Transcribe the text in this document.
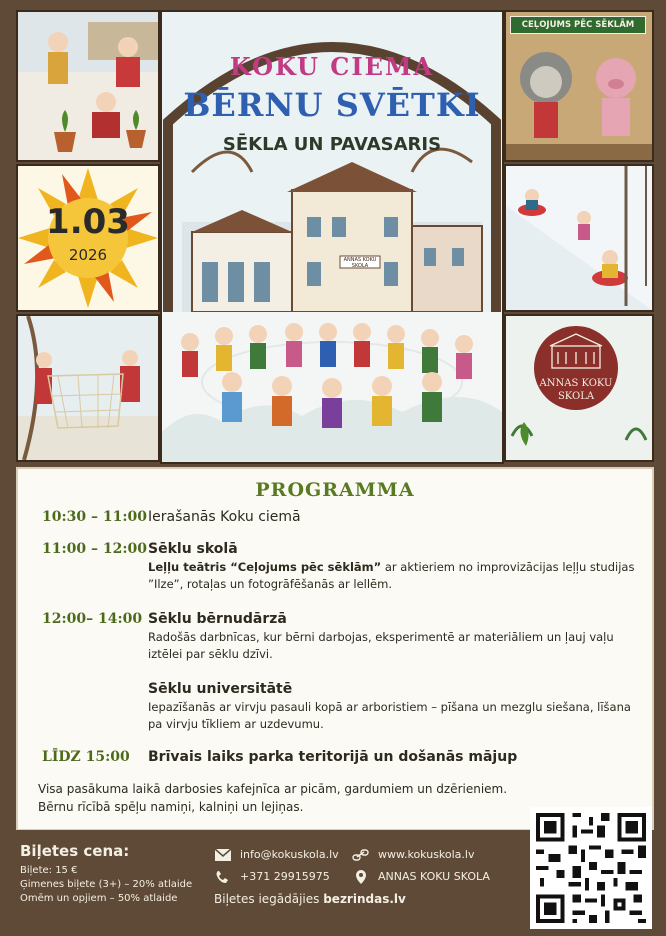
1.03
2026
KOKU CIEMA
BĒRNU SVĒTKI
SĒKLA UN PAVASARIS
ANNAS KOKU SKOLA
CEĻOJUMS PĒC SĒKLĀM
ANNAS KOKU
SKOLA
PROGRAMMA
10:30 – 11:00 Ierašanās Koku ciemā
11:00 – 12:00 Sēklu skolā
Leļļu teātris “Ceļojums pēc sēklām” ar aktieriem no improvizācijas leļļu studijas ”Ilze”, rotaļas un fotogrāfēšanās ar lellēm.
12:00– 14:00 Sēklu bērnudārzā
Radošās darbnīcas, kur bērni darbojas, eksperimentē ar materiāliem un ļauj vaļu iztēlei par sēklu dzīvi.
Sēklu universitātē
Iepazīšanās ar virvju pasauli kopā ar arboristiem – pīšana un mezglu siešana, līšana pa virvju tīkliem ar uzdevumu.
LĪDZ 15:00 Brīvais laiks parka teritorijā un došanās mājup
Visa pasākuma laikā darbosies kafejnīca ar picām, gardumiem un dzērieniem.
Bērnu rīcībā spēļu namiņi, kalniņi un lejiņas.
Biļetes cena:
Biļete: 15 €
Ģimenes biļete (3+) – 20% atlaide
Omēm un opjiem – 50% atlaide
info@kokuskola.lv
+371 29915975
www.kokuskola.lv
ANNAS KOKU SKOLA
Biļetes iegādājies bezrindas.lv
